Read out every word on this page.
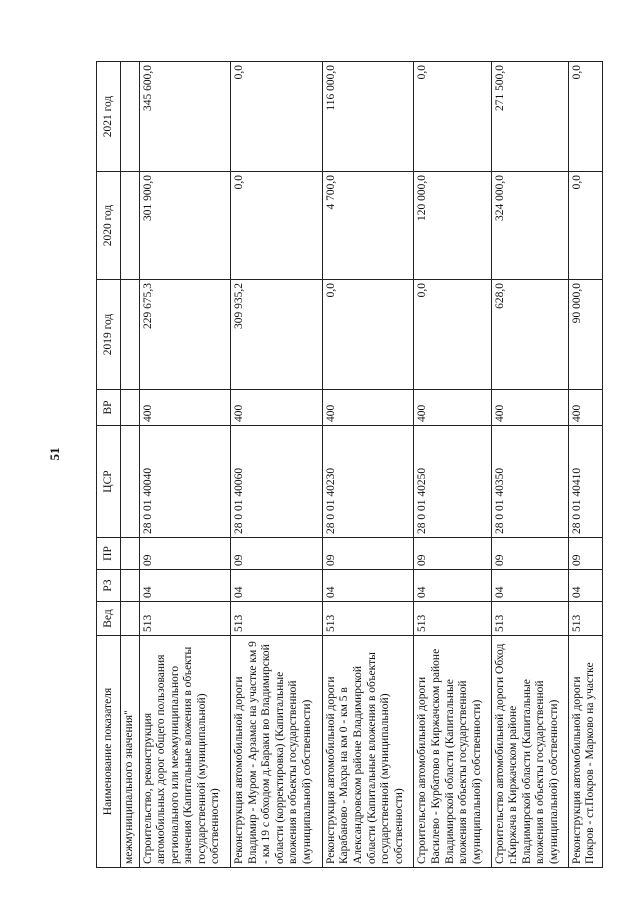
51
Наименование показателя	Вед	РЗ	ПР	ЦСР	ВР	2019 год	2020 год	2021 год
межмуниципального значения"								
Строительство, реконструкция автомобильных дорог общего пользования регионального или межмуниципального значения (Капитальные вложения в объекты государственной (муниципальной) собственности)	513	04	09	28 0 01 40040	400	229 675,3	301 900,0	345 600,0
Реконструкция автомобильной дороги Владимир - Муром - Арзамас на участке км 9 - км 19 с обходом д.Бараки во Владимирской области (корректировка) (Капитальные вложения в объекты государственной (муниципальной) собственности)	513	04	09	28 0 01 40060	400	309 935,2	0,0	0,0
Реконструкция автомобильной дороги Карабаново - Махра на км 0 - км 5 в Александровском районе Владимирской области (Капитальные вложения в объекты государственной (муниципальной) собственности)	513	04	09	28 0 01 40230	400	0,0	4 700,0	116 000,0
Строительство автомобильной дороги Василево - Курбатово в Киржачском районе Владимирской области (Капитальные вложения в объекты государственной (муниципальной) собственности)	513	04	09	28 0 01 40250	400	0,0	120 000,0	0,0
Строительство автомобильной дороги Обход г.Киржача в Киржачском районе Владимирской области (Капитальные вложения в объекты государственной (муниципальной) собственности)	513	04	09	28 0 01 40350	400	628,0	324 000,0	271 500,0
Реконструкция автомобильной дороги Покров - ст.Покров - Марково на участке	513	04	09	28 0 01 40410	400	90 000,0	0,0	0,0
